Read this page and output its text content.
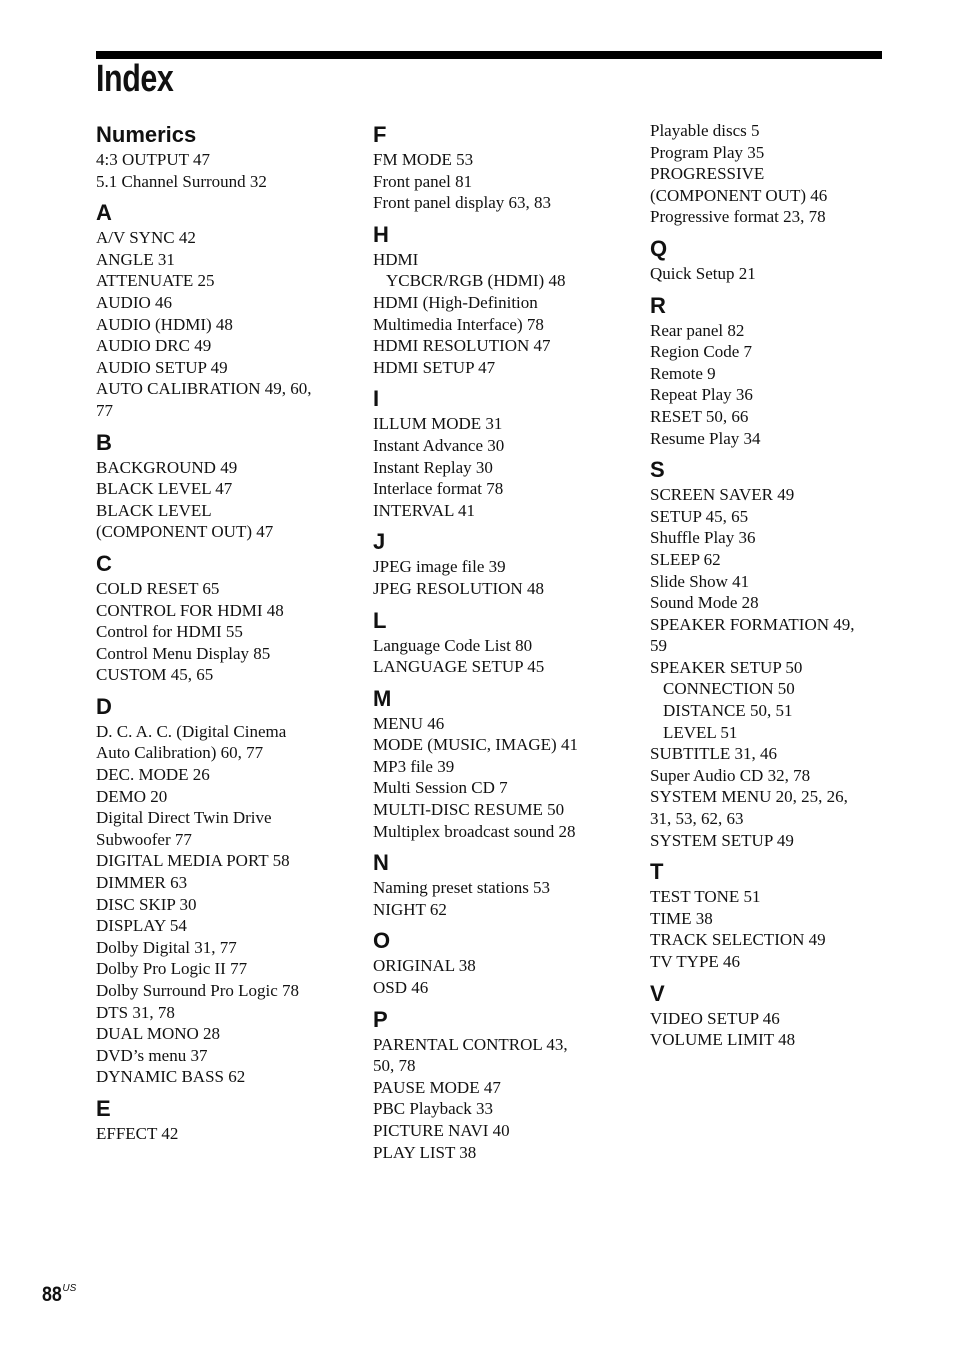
Index
Numerics
4:3 OUTPUT 47
5.1 Channel Surround 32
A
A/V SYNC 42
ANGLE 31
ATTENUATE 25
AUDIO 46
AUDIO (HDMI) 48
AUDIO DRC 49
AUDIO SETUP 49
AUTO CALIBRATION 49, 60,
77
B
BACKGROUND 49
BLACK LEVEL 47
BLACK LEVEL
(COMPONENT OUT) 47
C
COLD RESET 65
CONTROL FOR HDMI 48
Control for HDMI 55
Control Menu Display 85
CUSTOM 45, 65
D
D. C. A. C. (Digital Cinema
Auto Calibration) 60, 77
DEC. MODE 26
DEMO 20
Digital Direct Twin Drive
Subwoofer 77
DIGITAL MEDIA PORT 58
DIMMER 63
DISC SKIP 30
DISPLAY 54
Dolby Digital 31, 77
Dolby Pro Logic II 77
Dolby Surround Pro Logic 78
DTS 31, 78
DUAL MONO 28
DVD’s menu 37
DYNAMIC BASS 62
E
EFFECT 42
F
FM MODE 53
Front panel 81
Front panel display 63, 83
H
HDMI
YCBCR/RGB (HDMI) 48
HDMI (High-Definition
Multimedia Interface) 78
HDMI RESOLUTION 47
HDMI SETUP 47
I
ILLUM MODE 31
Instant Advance 30
Instant Replay 30
Interlace format 78
INTERVAL 41
J
JPEG image file 39
JPEG RESOLUTION 48
L
Language Code List 80
LANGUAGE SETUP 45
M
MENU 46
MODE (MUSIC, IMAGE) 41
MP3 file 39
Multi Session CD 7
MULTI-DISC RESUME 50
Multiplex broadcast sound 28
N
Naming preset stations 53
NIGHT 62
O
ORIGINAL 38
OSD 46
P
PARENTAL CONTROL 43,
50, 78
PAUSE MODE 47
PBC Playback 33
PICTURE NAVI 40
PLAY LIST 38
Playable discs 5
Program Play 35
PROGRESSIVE
(COMPONENT OUT) 46
Progressive format 23, 78
Q
Quick Setup 21
R
Rear panel 82
Region Code 7
Remote 9
Repeat Play 36
RESET 50, 66
Resume Play 34
S
SCREEN SAVER 49
SETUP 45, 65
Shuffle Play 36
SLEEP 62
Slide Show 41
Sound Mode 28
SPEAKER FORMATION 49,
59
SPEAKER SETUP 50
CONNECTION 50
DISTANCE 50, 51
LEVEL 51
SUBTITLE 31, 46
Super Audio CD 32, 78
SYSTEM MENU 20, 25, 26,
31, 53, 62, 63
SYSTEM SETUP 49
T
TEST TONE 51
TIME 38
TRACK SELECTION 49
TV TYPE 46
V
VIDEO SETUP 46
VOLUME LIMIT 48
$88^{US}$
